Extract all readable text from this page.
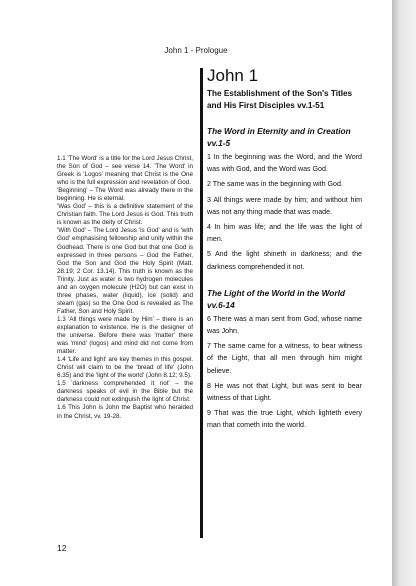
John 1 - Prologue

1.1 'The Word' is a title for the Lord Jesus Christ, the Son of God – see verse 14. 'The Word' in Greek is 'Logos' meaning that Christ is the One who is the full expression and revelation of God.

'Beginning' – The Word was already there in the beginning. He is eternal.

'Was God' – this is a definitive statement of the Christian faith. The Lord Jesus is God. This truth is known as the deity of Christ.

'With God' – The Lord Jesus 'is God' and is 'with God' emphasising fellowship and unity within the Godhead. There is one God but that one God is expressed in three persons – God the Father, God the Son and God the Holy Spirit (Matt. 28.19; 2 Cor. 13.14). This truth is known as the Trinity. Just as water is two hydrogen molecules and an oxygen molecule (H2O) but can exist in three phases, water (liquid), ice (solid) and steam (gas) so the One God is revealed as The Father, Son and Holy Spirit.

1.3 'All things were made by Him' – there is an explanation to existence. He is the designer of the universe. Before there was 'matter' there was 'mind' (logos) and mind did not come from matter.

1.4 'Life and light' are key themes in this gospel. Christ will claim to be the 'bread of life' (John 6.35) and the 'light of the world' (John 8.12; 9.5).

1.5 'darkness comprehended it not' – the darkness speaks of evil in the Bible but the darkness could not extinguish the light of Christ.

1.6 This John is John the Baptist who heralded in the Christ, vv. 19-28.

John 1
The Establishment of the Son's Titles and His First Disciples vv.1-51
The Word in Eternity and in Creation vv.1-5

1 In the beginning was the Word, and the Word was with God, and the Word was God.

2 The same was in the beginning with God.

3 All things were made by him; and without him was not any thing made that was made.

4 In him was life; and the life was the light of men.

5 And the light shineth in darkness; and the darkness comprehended it not.

The Light of the World in the World vv.6-14

6 There was a man sent from God, whose name was John.

7 The same came for a witness, to bear witness of the Light, that all men through him might believe.

8 He was not that Light, but was sent to bear witness of that Light.

9 That was the true Light, which lighteth every man that cometh into the world.

12
